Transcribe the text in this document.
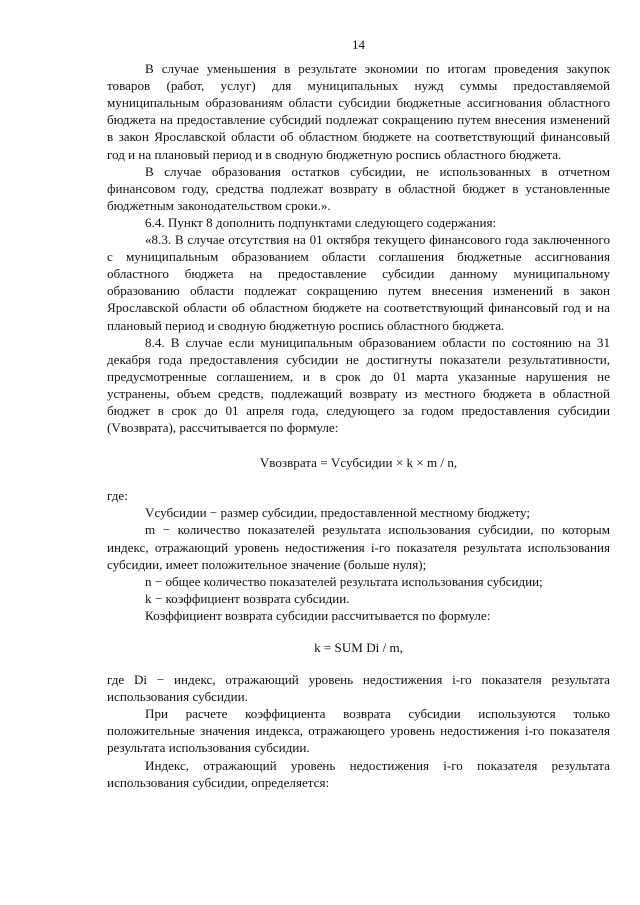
14

В случае уменьшения в результате экономии по итогам проведения закупок товаров (работ, услуг) для муниципальных нужд суммы предоставляемой муниципальным образованиям области субсидии бюджетные ассигнования областного бюджета на предоставление субсидий подлежат сокращению путем внесения изменений в закон Ярославской области об областном бюджете на соответствующий финансовый год и на плановый период и в сводную бюджетную роспись областного бюджета.

В случае образования остатков субсидии, не использованных в отчетном финансовом году, средства подлежат возврату в областной бюджет в установленные бюджетным законодательством сроки.».

6.4. Пункт 8 дополнить подпунктами следующего содержания:

«8.3. В случае отсутствия на 01 октября текущего финансового года заключенного с муниципальным образованием области соглашения бюджетные ассигнования областного бюджета на предоставление субсидии данному муниципальному образованию области подлежат сокращению путем внесения изменений в закон Ярославской области об областном бюджете на соответствующий финансовый год и на плановый период и сводную бюджетную роспись областного бюджета.

8.4. В случае если муниципальным образованием области по состоянию на 31 декабря года предоставления субсидии не достигнуты показатели результативности, предусмотренные соглашением, и в срок до 01 марта указанные нарушения не устранены, объем средств, подлежащий возврату из местного бюджета в областной бюджет в срок до 01 апреля года, следующего за годом предоставления субсидии (Vвозврата), рассчитывается по формуле:

Vвозврата = Vсубсидии × k × m / n,

где:

Vсубсидии − размер субсидии, предоставленной местному бюджету;

m − количество показателей результата использования субсидии, по которым индекс, отражающий уровень недостижения i-го показателя результата использования субсидии, имеет положительное значение (больше нуля);

n − общее количество показателей результата использования субсидии;

k − коэффициент возврата субсидии.

Коэффициент возврата субсидии рассчитывается по формуле:

k = SUM Di / m,

где Di − индекс, отражающий уровень недостижения i-го показателя результата использования субсидии.

При расчете коэффициента возврата субсидии используются только положительные значения индекса, отражающего уровень недостижения i-го показателя результата использования субсидии.

Индекс, отражающий уровень недостижения i-го показателя результата использования субсидии, определяется:
